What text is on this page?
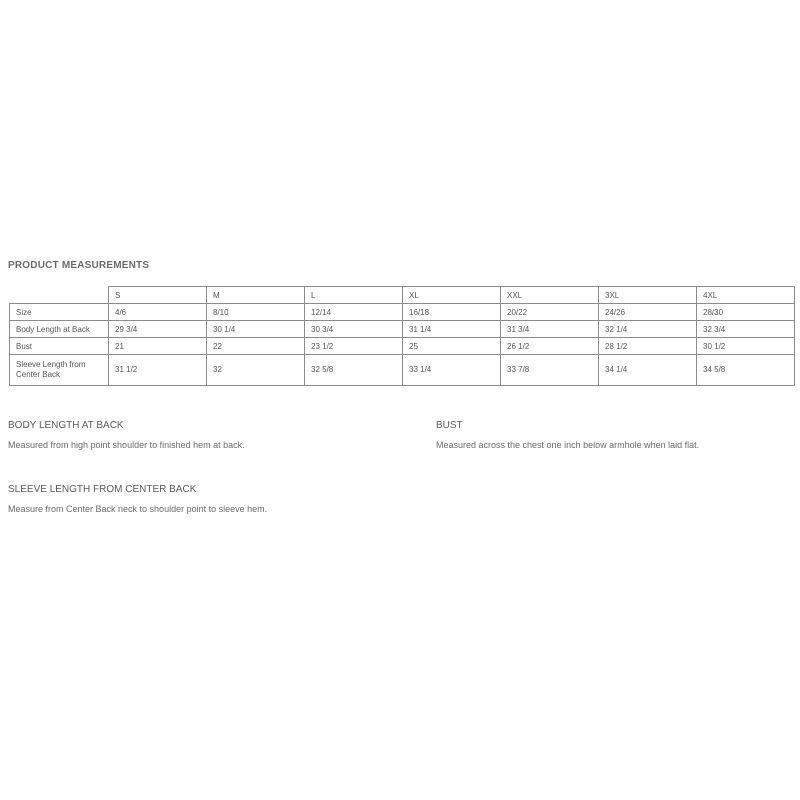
PRODUCT MEASUREMENTS
	S	M	L	XL	XXL	3XL	4XL
Size	4/6	8/10	12/14	16/18	20/22	24/26	28/30
Body Length at Back	29 3/4	30 1/4	30 3/4	31 1/4	31 3/4	32 1/4	32 3/4
Bust	21	22	23 1/2	25	26 1/2	28 1/2	30 1/2
Sleeve Length from
Center Back	31 1/2	32	32 5/8	33 1/4	33 7/8	34 1/4	34 5/8
BODY LENGTH AT BACK
Measured from high point shoulder to finished hem at back.
BUST
Measured across the chest one inch below armhole when laid flat.
SLEEVE LENGTH FROM CENTER BACK
Measure from Center Back neck to shoulder point to sleeve hem.
